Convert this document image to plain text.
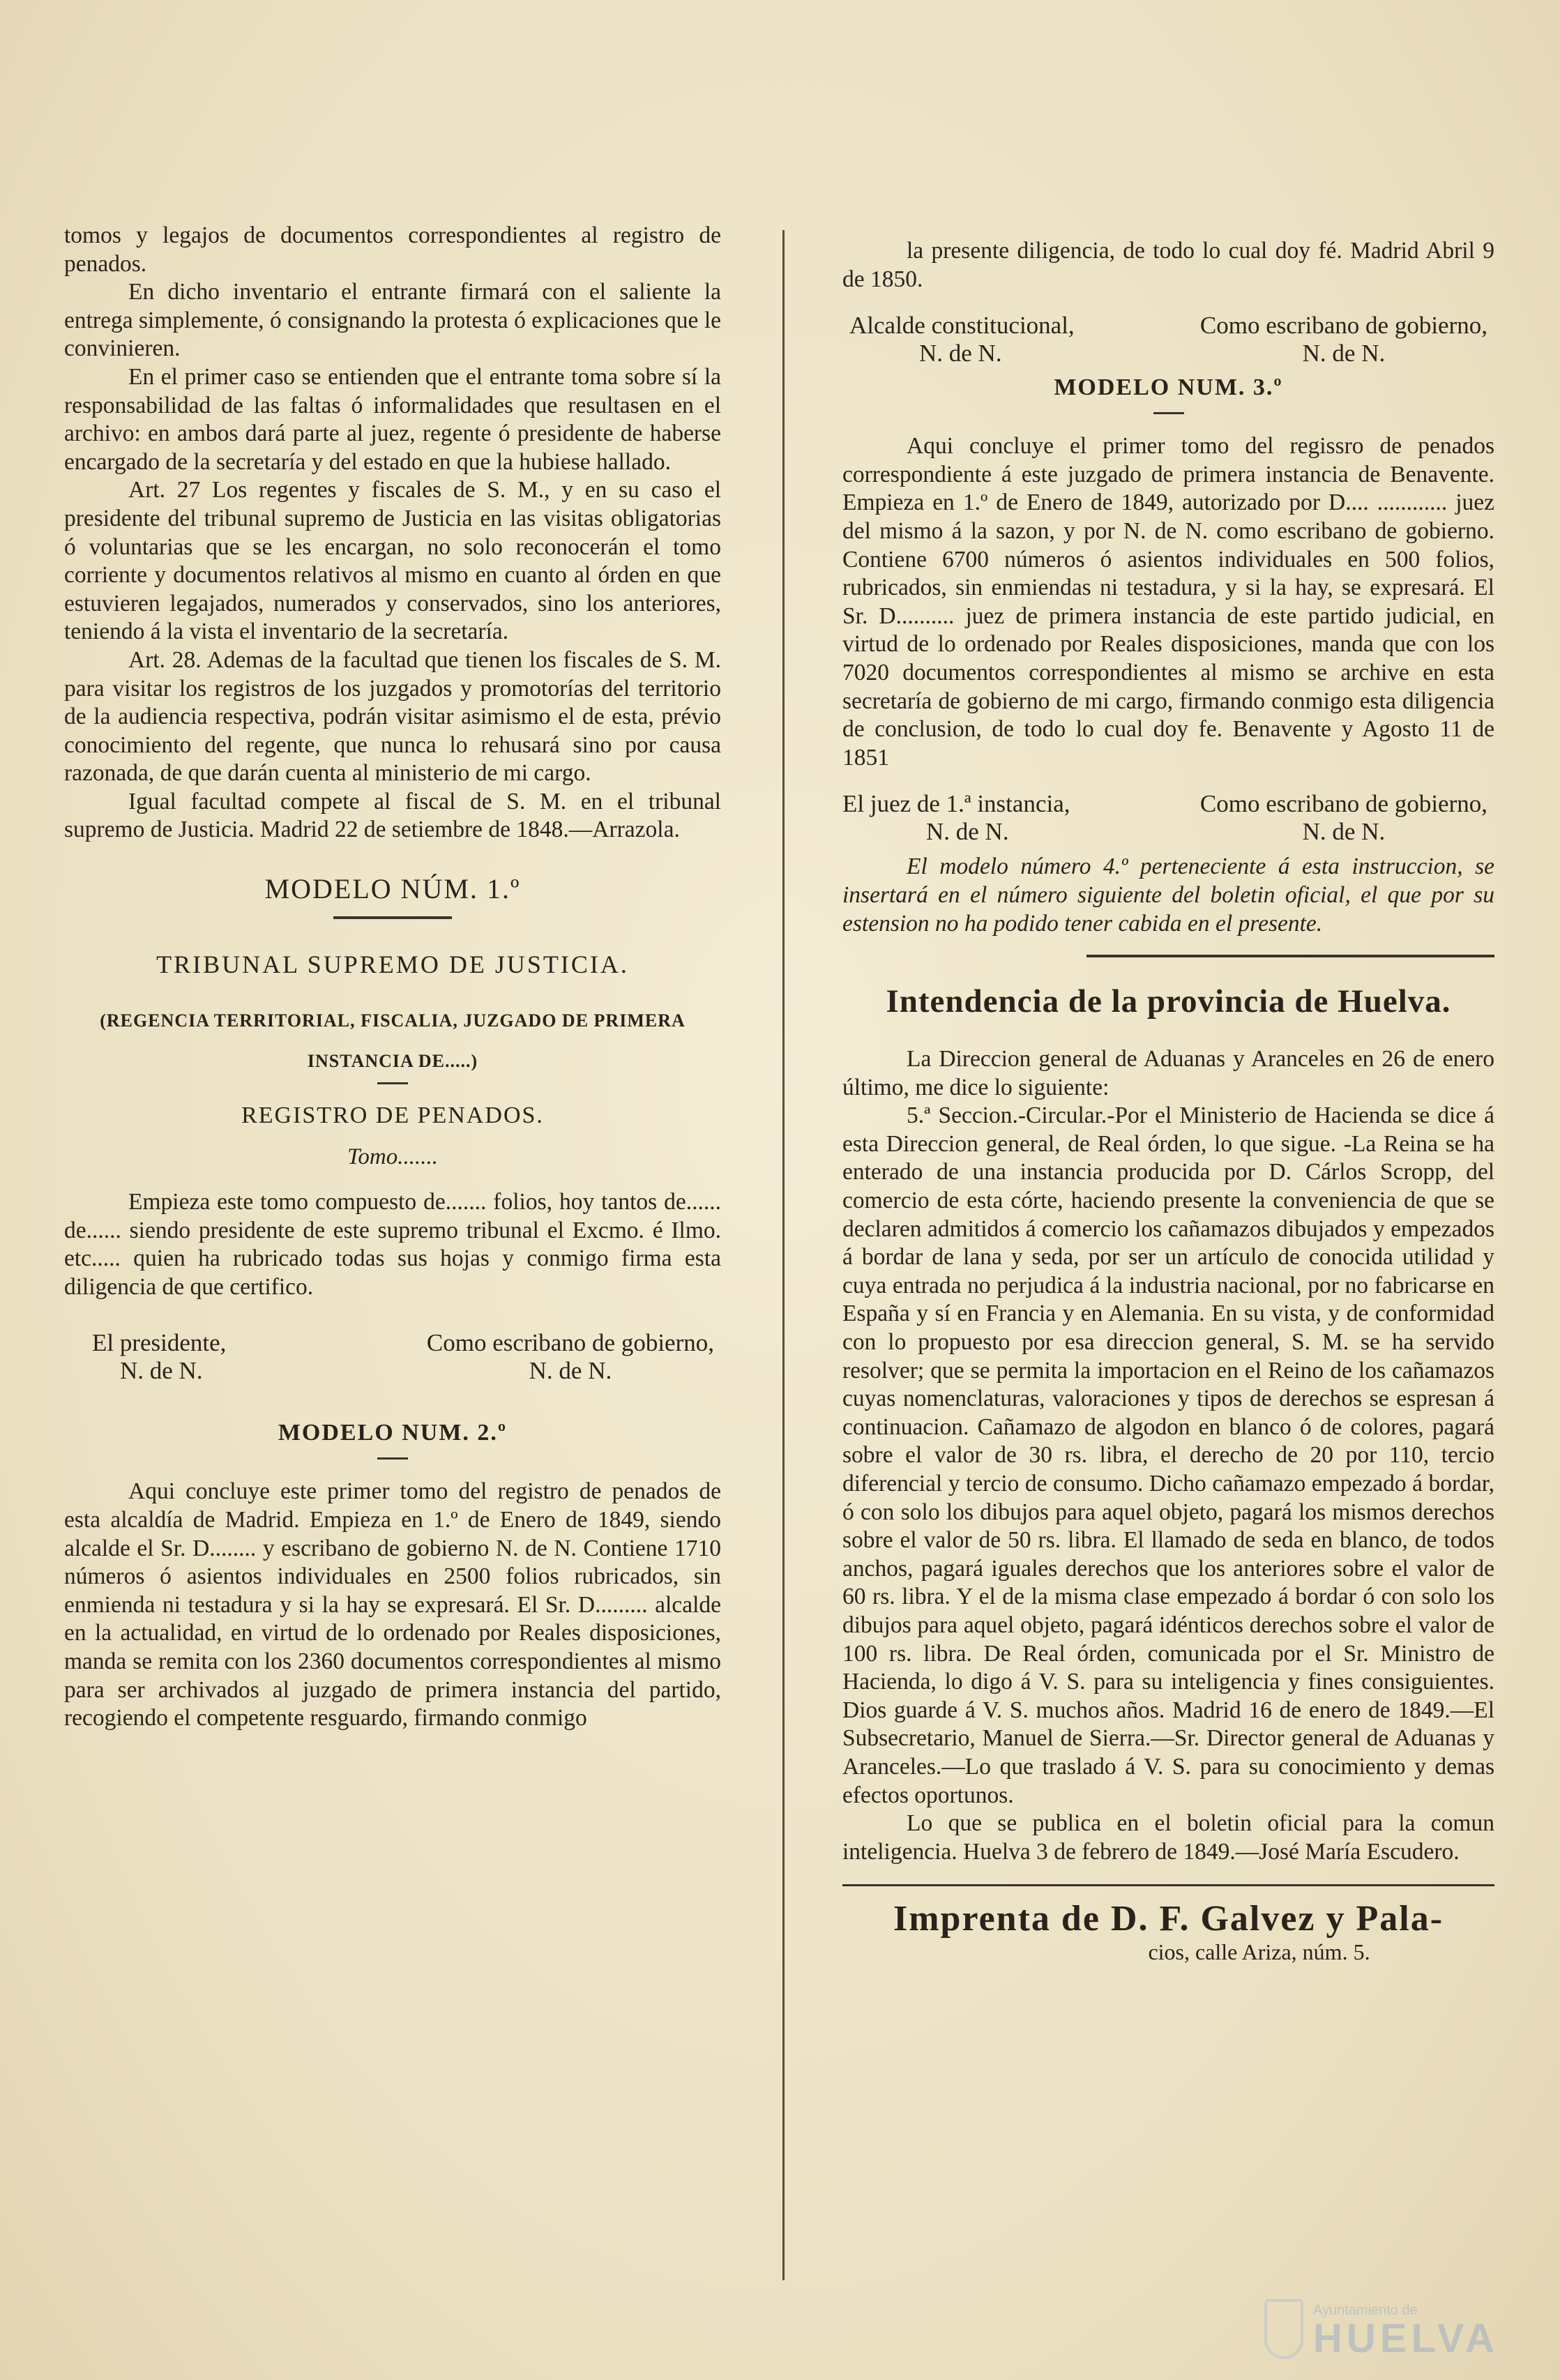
tomos y legajos de documentos correspondientes al registro de penados.

En dicho inventario el entrante firmará con el saliente la entrega simplemente, ó consignando la protesta ó explicaciones que le convinieren.

En el primer caso se entienden que el entrante toma sobre sí la responsabilidad de las faltas ó informalidades que resultasen en el archivo: en ambos dará parte al juez, regente ó presidente de haberse encargado de la secretaría y del estado en que la hubiese hallado.

Art. 27 Los regentes y fiscales de S. M., y en su caso el presidente del tribunal supremo de Justicia en las visitas obligatorias ó voluntarias que se les encargan, no solo reconocerán el tomo corriente y documentos relativos al mismo en cuanto al órden en que estuvieren legajados, numerados y conservados, sino los anteriores, teniendo á la vista el inventario de la secretaría.

Art. 28. Ademas de la facultad que tienen los fiscales de S. M. para visitar los registros de los juzgados y promotorías del territorio de la audiencia respectiva, podrán visitar asimismo el de esta, prévio conocimiento del regente, que nunca lo rehusará sino por causa razonada, de que darán cuenta al ministerio de mi cargo.

Igual facultad compete al fiscal de S. M. en el tribunal supremo de Justicia. Madrid 22 de setiembre de 1848.—Arrazola.

MODELO NÚM. 1.º
TRIBUNAL SUPREMO DE JUSTICIA.
(REGENCIA TERRITORIAL, FISCALIA, JUZGADO DE PRIMERA
INSTANCIA DE.....)
REGISTRO DE PENADOS.
Tomo.......

Empieza este tomo compuesto de....... folios, hoy tantos de...... de...... siendo presidente de este supremo tribunal el Excmo. é Ilmo. etc..... quien ha rubricado todas sus hojas y conmigo firma esta diligencia de que certifico.

El presidente,
N. de N.
Como escribano de gobierno,
N. de N.
MODELO NUM. 2.º

Aqui concluye este primer tomo del registro de penados de esta alcaldía de Madrid. Empieza en 1.º de Enero de 1849, siendo alcalde el Sr. D........ y escribano de gobierno N. de N. Contiene 1710 números ó asientos individuales en 2500 folios rubricados, sin enmienda ni testadura y si la hay se expresará. El Sr. D......... alcalde en la actualidad, en virtud de lo ordenado por Reales disposiciones, manda se remita con los 2360 documentos correspondientes al mismo para ser archivados al juzgado de primera instancia del partido, recogiendo el competente resguardo, firmando conmigo

la presente diligencia, de todo lo cual doy fé. Madrid Abril 9 de 1850.

Alcalde constitucional,
N. de N.
Como escribano de gobierno,
N. de N.
MODELO NUM. 3.º

Aqui concluye el primer tomo del regissro de penados correspondiente á este juzgado de primera instancia de Benavente. Empieza en 1.º de Enero de 1849, autorizado por D.... ............ juez del mismo á la sazon, y por N. de N. como escribano de gobierno. Contiene 6700 números ó asientos individuales en 500 folios, rubricados, sin enmiendas ni testadura, y si la hay, se expresará. El Sr. D.......... juez de primera instancia de este partido judicial, en virtud de lo ordenado por Reales disposiciones, manda que con los 7020 documentos correspondientes al mismo se archive en esta secretaría de gobierno de mi cargo, firmando conmigo esta diligencia de conclusion, de todo lo cual doy fe. Benavente y Agosto 11 de 1851

El juez de 1.ª instancia,
N. de N.
Como escribano de gobierno,
N. de N.

El modelo número 4.º perteneciente á esta instruccion, se insertará en el número siguiente del boletin oficial, el que por su estension no ha podido tener cabida en el presente.

Intendencia de la provincia de Huelva.

La Direccion general de Aduanas y Aranceles en 26 de enero último, me dice lo siguiente:

5.ª Seccion.-Circular.-Por el Ministerio de Hacienda se dice á esta Direccion general, de Real órden, lo que sigue. -La Reina se ha enterado de una instancia producida por D. Cárlos Scropp, del comercio de esta córte, haciendo presente la conveniencia de que se declaren admitidos á comercio los cañamazos dibujados y empezados á bordar de lana y seda, por ser un artículo de conocida utilidad y cuya entrada no perjudica á la industria nacional, por no fabricarse en España y sí en Francia y en Alemania. En su vista, y de conformidad con lo propuesto por esa direccion general, S. M. se ha servido resolver; que se permita la importacion en el Reino de los cañamazos cuyas nomenclaturas, valoraciones y tipos de derechos se espresan á continuacion. Cañamazo de algodon en blanco ó de colores, pagará sobre el valor de 30 rs. libra, el derecho de 20 por 110, tercio diferencial y tercio de consumo. Dicho cañamazo empezado á bordar, ó con solo los dibujos para aquel objeto, pagará los mismos derechos sobre el valor de 50 rs. libra. El llamado de seda en blanco, de todos anchos, pagará iguales derechos que los anteriores sobre el valor de 60 rs. libra. Y el de la misma clase empezado á bordar ó con solo los dibujos para aquel objeto, pagará idénticos derechos sobre el valor de 100 rs. libra. De Real órden, comunicada por el Sr. Ministro de Hacienda, lo digo á V. S. para su inteligencia y fines consiguientes. Dios guarde á V. S. muchos años. Madrid 16 de enero de 1849.—El Subsecretario, Manuel de Sierra.—Sr. Director general de Aduanas y Aranceles.—Lo que traslado á V. S. para su conocimiento y demas efectos oportunos.

Lo que se publica en el boletin oficial para la comun inteligencia. Huelva 3 de febrero de 1849.—José María Escudero.

Imprenta de D. F. Galvez y Pala-
cios, calle Ariza, núm. 5.
Ayuntamiento de
HUELVA
